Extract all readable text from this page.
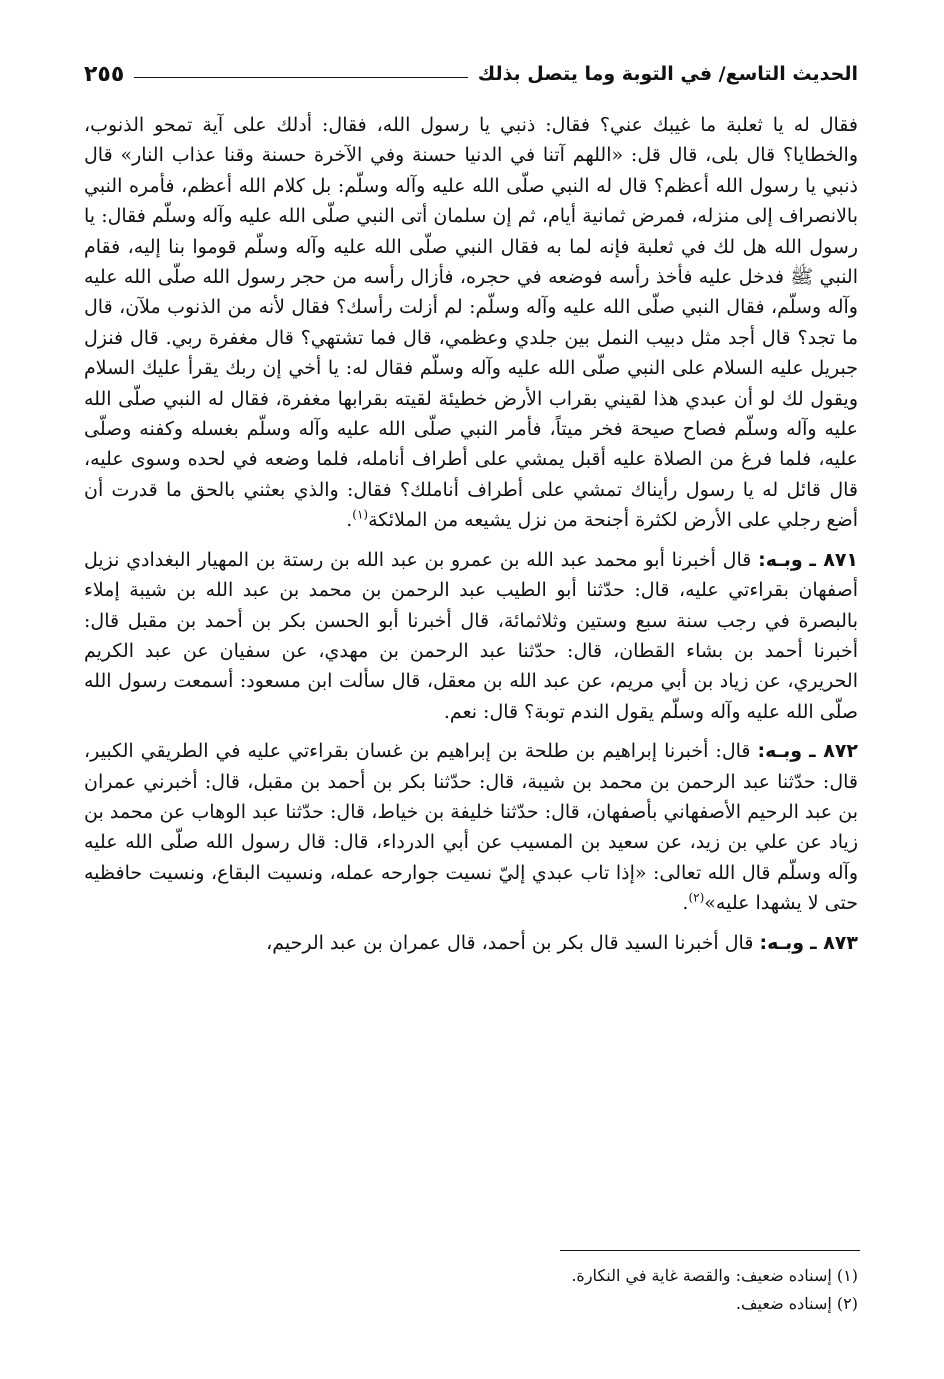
الحديث التاسع/ في التوبة وما يتصل بذلك
٢٥٥

فقال له يا ثعلبة ما غيبك عني؟ فقال: ذنبي يا رسول الله، فقال: أدلك على آية تمحو الذنوب، والخطايا؟ قال بلى، قال قل: «اللهم آتنا في الدنيا حسنة وفي الآخرة حسنة وقنا عذاب النار» قال ذنبي يا رسول الله أعظم؟ قال له النبي صلّى الله عليه وآله وسلّم: بل كلام الله أعظم، فأمره النبي بالانصراف إلى منزله، فمرض ثمانية أيام، ثم إن سلمان أتى النبي صلّى الله عليه وآله وسلّم فقال: يا رسول الله هل لك في ثعلبة فإنه لما به فقال النبي صلّى الله عليه وآله وسلّم قوموا بنا إليه، فقام النبي ﷺ فدخل عليه فأخذ رأسه فوضعه في حجره، فأزال رأسه من حجر رسول الله صلّى الله عليه وآله وسلّم، فقال النبي صلّى الله عليه وآله وسلّم: لم أزلت رأسك؟ فقال لأنه من الذنوب ملآن، قال ما تجد؟ قال أجد مثل دبيب النمل بين جلدي وعظمي، قال فما تشتهي؟ قال مغفرة ربي. قال فنزل جبريل عليه السلام على النبي صلّى الله عليه وآله وسلّم فقال له: يا أخي إن ربك يقرأ عليك السلام ويقول لك لو أن عبدي هذا لقيني بقراب الأرض خطيئة لقيته بقرابها مغفرة، فقال له النبي صلّى الله عليه وآله وسلّم فصاح صيحة فخر ميتاً، فأمر النبي صلّى الله عليه وآله وسلّم بغسله وكفنه وصلّى عليه، فلما فرغ من الصلاة عليه أقبل يمشي على أطراف أنامله، فلما وضعه في لحده وسوى عليه، قال قائل له يا رسول رأيناك تمشي على أطراف أناملك؟ فقال: والذي بعثني بالحق ما قدرت أن أضع رجلي على الأرض لكثرة أجنحة من نزل يشيعه من الملائكة$^{(١)}$.

٨٧١ ـ وبـه: قال أخبرنا أبو محمد عبد الله بن عمرو بن عبد الله بن رستة بن المهيار البغدادي نزيل أصفهان بقراءتي عليه، قال: حدّثنا أبو الطيب عبد الرحمن بن محمد بن عبد الله بن شيبة إملاء بالبصرة في رجب سنة سبع وستين وثلاثمائة، قال أخبرنا أبو الحسن بكر بن أحمد بن مقبل قال: أخبرنا أحمد بن بشاء القطان، قال: حدّثنا عبد الرحمن بن مهدي، عن سفيان عن عبد الكريم الحريري، عن زياد بن أبي مريم، عن عبد الله بن معقل، قال سألت ابن مسعود: أسمعت رسول الله صلّى الله عليه وآله وسلّم يقول الندم توبة؟ قال: نعم.

٨٧٢ ـ وبـه: قال: أخبرنا إبراهيم بن طلحة بن إبراهيم بن غسان بقراءتي عليه في الطريقي الكبير، قال: حدّثنا عبد الرحمن بن محمد بن شيبة، قال: حدّثنا بكر بن أحمد بن مقبل، قال: أخبرني عمران بن عبد الرحيم الأصفهاني بأصفهان، قال: حدّثنا خليفة بن خياط، قال: حدّثنا عبد الوهاب عن محمد بن زياد عن علي بن زيد، عن سعيد بن المسيب عن أبي الدرداء، قال: قال رسول الله صلّى الله عليه وآله وسلّم قال الله تعالى: «إذا تاب عبدي إليّ نسيت جوارحه عمله، ونسيت البقاع، ونسيت حافظيه حتى لا يشهدا عليه»$^{(٢)}$.

٨٧٣ ـ وبـه: قال أخبرنا السيد قال بكر بن أحمد، قال عمران بن عبد الرحيم،

(١) إسناده ضعيف: والقصة غاية في النكارة.

(٢) إسناده ضعيف.
